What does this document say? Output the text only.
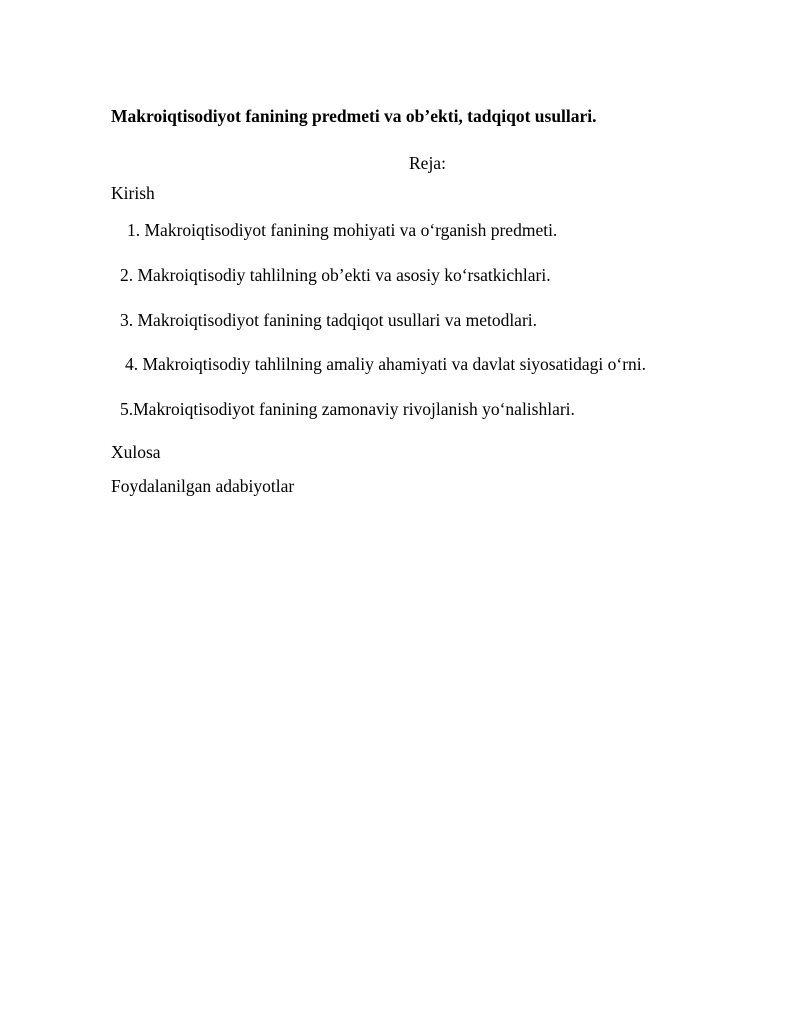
Makroiqtisodiyot fanining predmeti va ob’ekti, tadqiqot usullari.
Reja:
Kirish
1. Makroiqtisodiyot fanining mohiyati va o‘rganish predmeti.
2. Makroiqtisodiy tahlilning ob’ekti va asosiy ko‘rsatkichlari.
3. Makroiqtisodiyot fanining tadqiqot usullari va metodlari.
4. Makroiqtisodiy tahlilning amaliy ahamiyati va davlat siyosatidagi o‘rni.
5.Makroiqtisodiyot fanining zamonaviy rivojlanish yo‘nalishlari.
Xulosa
Foydalanilgan adabiyotlar
